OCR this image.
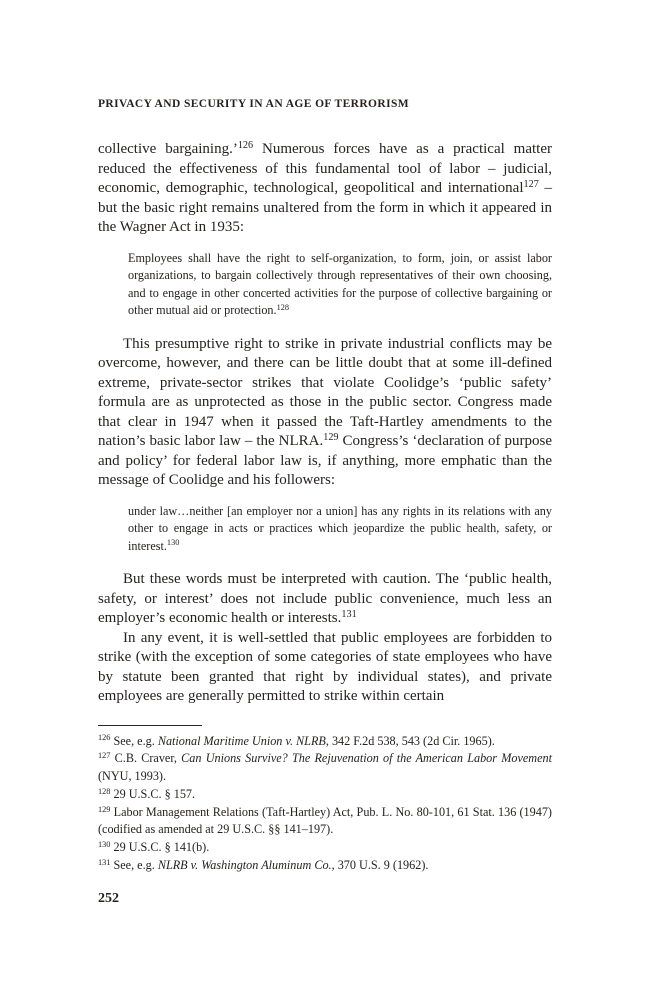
PRIVACY AND SECURITY IN AN AGE OF TERRORISM

collective bargaining.’$^{126}$ Numerous forces have as a practical matter reduced the effectiveness of this fundamental tool of labor – judicial, economic, demographic, technological, geopolitical and international$^{127}$ – but the basic right remains unaltered from the form in which it appeared in the Wagner Act in 1935:

Employees shall have the right to self-organization, to form, join, or assist labor organizations, to bargain collectively through representatives of their own choosing, and to engage in other concerted activities for the purpose of collective bargaining or other mutual aid or protection.$^{128}$

This presumptive right to strike in private industrial conflicts may be overcome, however, and there can be little doubt that at some ill-defined extreme, private-sector strikes that violate Coolidge’s ‘public safety’ formula are as unprotected as those in the public sector. Congress made that clear in 1947 when it passed the Taft-Hartley amendments to the nation’s basic labor law – the NLRA.$^{129}$ Congress’s ‘declaration of purpose and policy’ for federal labor law is, if anything, more emphatic than the message of Coolidge and his followers:

under law…neither [an employer nor a union] has any rights in its relations with any other to engage in acts or practices which jeopardize the public health, safety, or interest.$^{130}$

But these words must be interpreted with caution. The ‘public health, safety, or interest’ does not include public convenience, much less an employer’s economic health or interests.$^{131}$

In any event, it is well-settled that public employees are forbidden to strike (with the exception of some categories of state employees who have by statute been granted that right by individual states), and private employees are generally permitted to strike within certain

$^{126}$ See, e.g. National Maritime Union v. NLRB, 342 F.2d 538, 543 (2d Cir. 1965).
$^{127}$ C.B. Craver, Can Unions Survive? The Rejuvenation of the American Labor Movement (NYU, 1993).
$^{128}$ 29 U.S.C. § 157.
$^{129}$ Labor Management Relations (Taft-Hartley) Act, Pub. L. No. 80-101, 61 Stat. 136 (1947) (codified as amended at 29 U.S.C. §§ 141–197).
$^{130}$ 29 U.S.C. § 141(b).
$^{131}$ See, e.g. NLRB v. Washington Aluminum Co., 370 U.S. 9 (1962).
252
